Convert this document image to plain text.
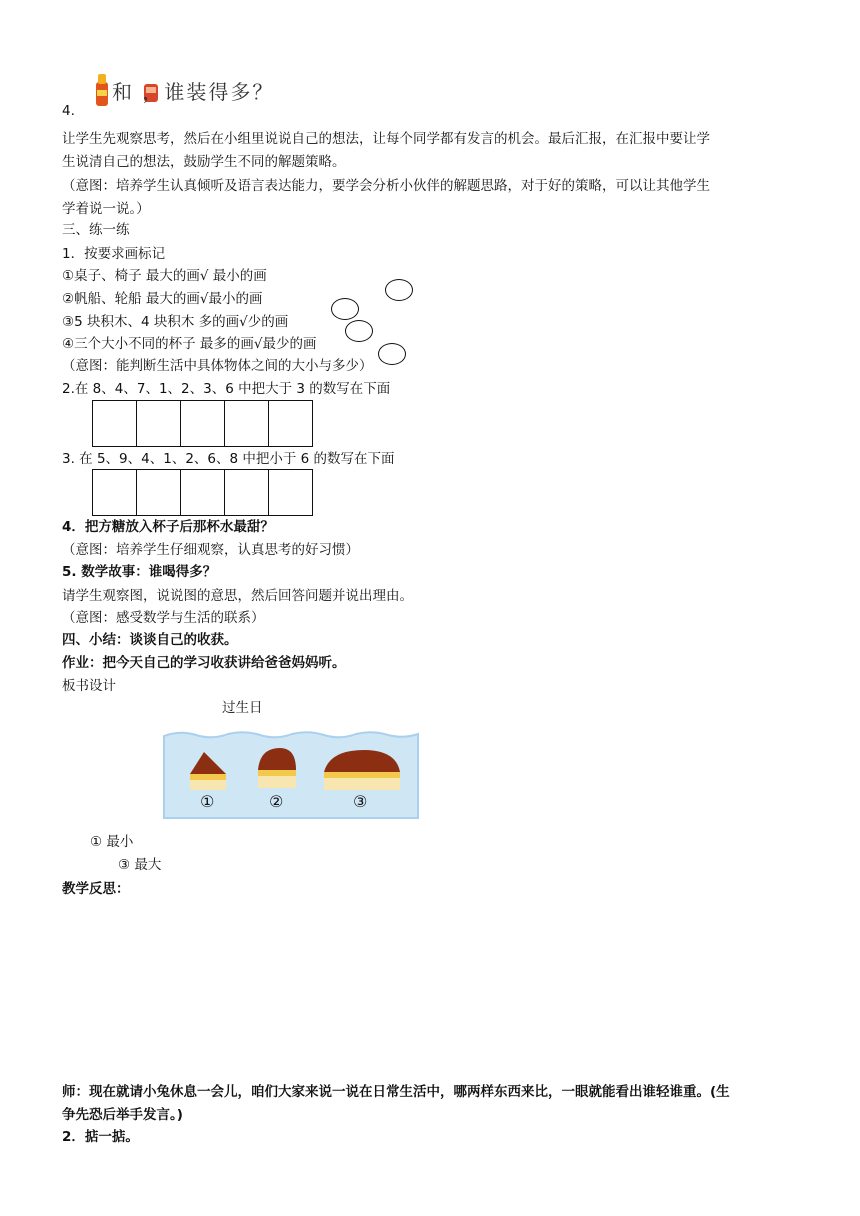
和 ，谁装得多？
4.
让学生先观察思考，然后在小组里说说自己的想法，让每个同学都有发言的机会。最后汇报，在汇报中要让学
生说清自己的想法，鼓励学生不同的解题策略。
（意图：培养学生认真倾听及语言表达能力，要学会分析小伙伴的解题思路，对于好的策略，可以让其他学生
学着说一说。）
三、练一练
1．按要求画标记
①桌子、椅子 最大的画√ 最小的画
②帆船、轮船 最大的画√最小的画
③5 块积木、4 块积木 多的画√少的画
④三个大小不同的杯子 最多的画√最少的画
（意图：能判断生活中具体物体之间的大小与多少）
2.在 8、4、7、1、2、3、6 中把大于 3 的数写在下面
3. 在 5、9、4、1、2、6、8 中把小于 6 的数写在下面
4．把方糖放入杯子后那杯水最甜？
（意图：培养学生仔细观察，认真思考的好习惯）
5. 数学故事：谁喝得多？
请学生观察图，说说图的意思，然后回答问题并说出理由。
（意图：感受数学与生活的联系）
四、小结：谈谈自己的收获。
作业：把今天自己的学习收获讲给爸爸妈妈听。
板书设计
过生日
①	②	③
① 最小
③ 最大
教学反思：
师：现在就请小兔休息一会儿，咱们大家来说一说在日常生活中，哪两样东西来比，一眼就能看出谁轻谁重。(生
争先恐后举手发言。)
2．掂一掂。
